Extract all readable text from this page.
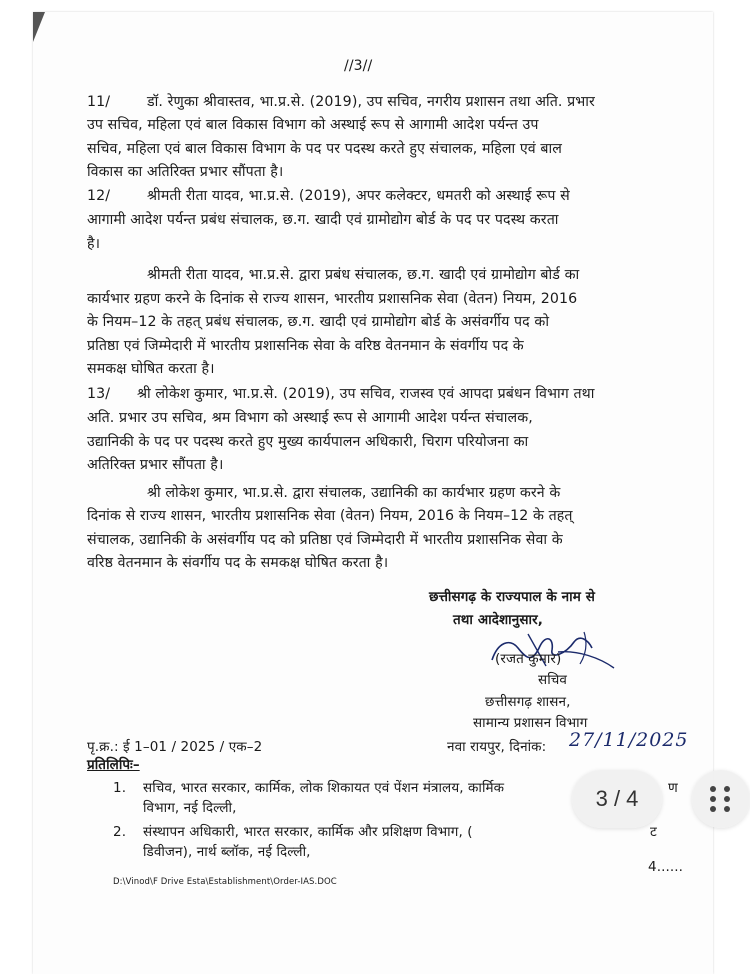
//3//
11/	डॉ. रेणुका श्रीवास्तव, भा.प्र.से. (2019), उप सचिव, नगरीय प्रशासन तथा अति. प्रभार
उप सचिव, महिला एवं बाल विकास विभाग को अस्थाई रूप से आगामी आदेश पर्यन्त उप
सचिव, महिला एवं बाल विकास विभाग के पद पर पदस्थ करते हुए संचालक, महिला एवं बाल
विकास का अतिरिक्त प्रभार सौंपता है।
12/	श्रीमती रीता यादव, भा.प्र.से. (2019), अपर कलेक्टर, धमतरी को अस्थाई रूप से
आगामी आदेश पर्यन्त प्रबंध संचालक, छ.ग. खादी एवं ग्रामोद्योग बोर्ड के पद पर पदस्थ करता
है।
श्रीमती रीता यादव, भा.प्र.से. द्वारा प्रबंध संचालक, छ.ग. खादी एवं ग्रामोद्योग बोर्ड का
कार्यभार ग्रहण करने के दिनांक से राज्य शासन, भारतीय प्रशासनिक सेवा (वेतन) नियम, 2016
के नियम–12 के तहत् प्रबंध संचालक, छ.ग. खादी एवं ग्रामोद्योग बोर्ड के असंवर्गीय पद को
प्रतिष्ठा एवं जिम्मेदारी में भारतीय प्रशासनिक सेवा के वरिष्ठ वेतनमान के संवर्गीय पद के
समकक्ष घोषित करता है।
13/ श्री लोकेश कुमार, भा.प्र.से. (2019), उप सचिव, राजस्व एवं आपदा प्रबंधन विभाग तथा
अति. प्रभार उप सचिव, श्रम विभाग को अस्थाई रूप से आगामी आदेश पर्यन्त संचालक,
उद्यानिकी के पद पर पदस्थ करते हुए मुख्य कार्यपालन अधिकारी, चिराग परियोजना का
अतिरिक्त प्रभार सौंपता है।
श्री लोकेश कुमार, भा.प्र.से. द्वारा संचालक, उद्यानिकी का कार्यभार ग्रहण करने के
दिनांक से राज्य शासन, भारतीय प्रशासनिक सेवा (वेतन) नियम, 2016 के नियम–12 के तहत्
संचालक, उद्यानिकी के असंवर्गीय पद को प्रतिष्ठा एवं जिम्मेदारी में भारतीय प्रशासनिक सेवा के
वरिष्ठ वेतनमान के संवर्गीय पद के समकक्ष घोषित करता है।
छत्तीसगढ़ के राज्यपाल के नाम से
तथा आदेशानुसार,
(रजत कुमार)
सचिव
छत्तीसगढ़ शासन,
सामान्य प्रशासन विभाग
पृ.क्र.: ई 1–01 / 2025 / एक–2	नवा रायपुर, दिनांक: 27/11/2025
प्रतिलिपिः–
1. सचिव, भारत सरकार, कार्मिक, लोक शिकायत एवं पेंशन मंत्रालय, कार्मिक	ण
विभाग, नई दिल्ली,
2. संस्थापन अधिकारी, भारत सरकार, कार्मिक और प्रशिक्षण विभाग, (	ट
डिवीजन), नार्थ ब्लॉक, नई दिल्ली,
4......
D:\Vinod\F Drive Esta\Establishment\Order-IAS.DOC
3 / 4
